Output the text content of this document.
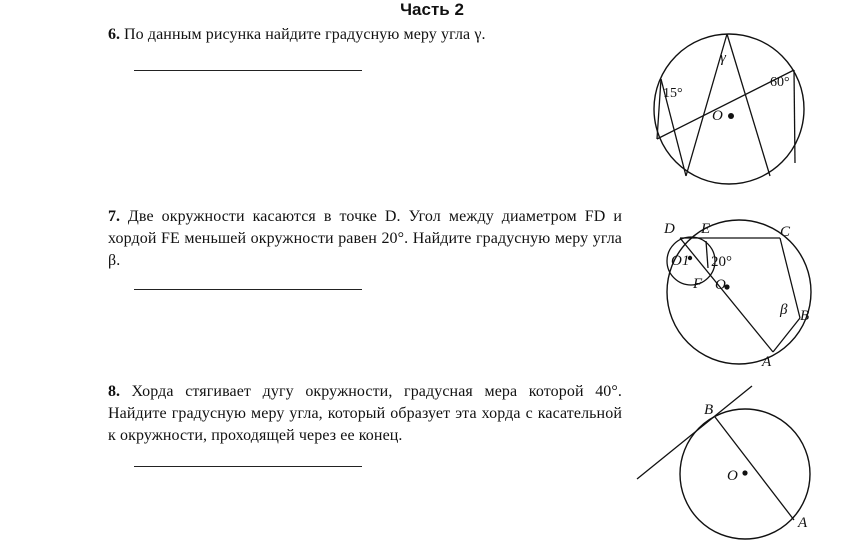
Часть 2
6. По данным рисунка найдите градусную меру угла γ.
15°
60°
γ
O
7. Две окружности касаются в точке D. Угол между диаметром FD и хордой FE меньшей окружности равен 20°. Найдите градусную меру угла β.
D E	C
O1 20°
F O
β B
A
8. Хорда стягивает дугу окружности, градусная мера которой 40°. Найдите градусную меру угла, который образует эта хорда с касательной к окружности, проходящей через ее конец.
B
O
A
